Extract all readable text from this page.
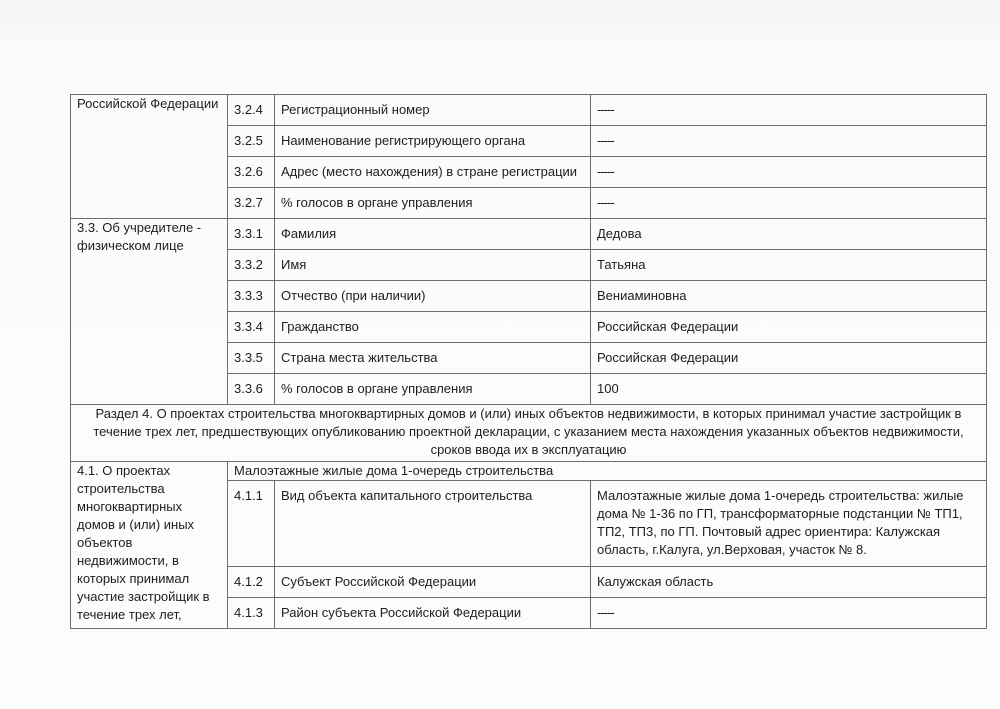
Российской Федерации	3.2.4	Регистрационный номер	-----
	3.2.5	Наименование регистрирующего органа	-----
	3.2.6	Адрес (место нахождения) в стране регистрации	-----
	3.2.7	% голосов в органе управления	-----
3.3. Об учредителе - физическом лице	3.3.1	Фамилия	Дедова
	3.3.2	Имя	Татьяна
	3.3.3	Отчество (при наличии)	Вениаминовна
	3.3.4	Гражданство	Российская Федерации
	3.3.5	Страна места жительства	Российская Федерации
	3.3.6	% голосов в органе управления	100
Раздел 4. О проектах строительства многоквартирных домов и (или) иных объектов недвижимости, в которых принимал участие застройщик в течение трех лет, предшествующих опубликованию проектной декларации, с указанием места нахождения указанных объектов недвижимости, сроков ввода их в эксплуатацию			
4.1. О проектах строительства многоквартирных домов и (или) иных объектов недвижимости, в которых принимал участие застройщик в течение трех лет,	Малоэтажные жилые дома 1-очередь строительства		
	4.1.1	Вид объекта капитального строительства	Малоэтажные жилые дома 1-очередь строительства: жилые дома № 1-36 по ГП, трансформаторные подстанции № ТП1, ТП2, ТП3, по ГП. Почтовый адрес ориентира: Калужская область, г.Калуга, ул.Верховая, участок № 8.
	4.1.2	Субъект Российской Федерации	Калужская область
	4.1.3	Район субъекта Российской Федерации	-----
